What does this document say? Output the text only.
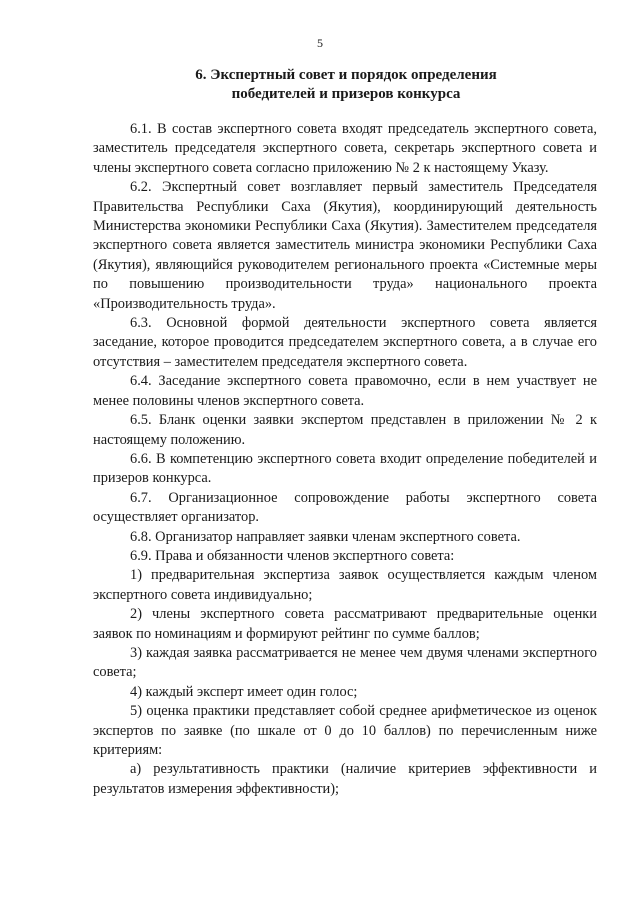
5
6. Экспертный совет и порядок определения
победителей и призеров конкурса

6.1. В состав экспертного совета входят председатель экспертного совета, заместитель председателя экспертного совета, секретарь экспертного совета и члены экспертного совета согласно приложению № 2 к настоящему Указу.

6.2. Экспертный совет возглавляет первый заместитель Председателя Правительства Республики Саха (Якутия), координирующий деятельность Министерства экономики Республики Саха (Якутия). Заместителем председателя экспертного совета является заместитель министра экономики Республики Саха (Якутия), являющийся руководителем регионального проекта «Системные меры по повышению производительности труда» национального проекта «Производительность труда».

6.3. Основной формой деятельности экспертного совета является заседание, которое проводится председателем экспертного совета, а в случае его отсутствия – заместителем председателя экспертного совета.

6.4. Заседание экспертного совета правомочно, если в нем участвует не менее половины членов экспертного совета.

6.5. Бланк оценки заявки экспертом представлен в приложении № 2 к настоящему положению.

6.6. В компетенцию экспертного совета входит определение победителей и призеров конкурса.

6.7. Организационное сопровождение работы экспертного совета осуществляет организатор.

6.8. Организатор направляет заявки членам экспертного совета.

6.9. Права и обязанности членов экспертного совета:

1) предварительная экспертиза заявок осуществляется каждым членом экспертного совета индивидуально;

2) члены экспертного совета рассматривают предварительные оценки заявок по номинациям и формируют рейтинг по сумме баллов;

3) каждая заявка рассматривается не менее чем двумя членами экспертного совета;

4) каждый эксперт имеет один голос;

5) оценка практики представляет собой среднее арифметическое из оценок экспертов по заявке (по шкале от 0 до 10 баллов) по перечисленным ниже критериям:

а) результативность практики (наличие критериев эффективности и результатов измерения эффективности);
